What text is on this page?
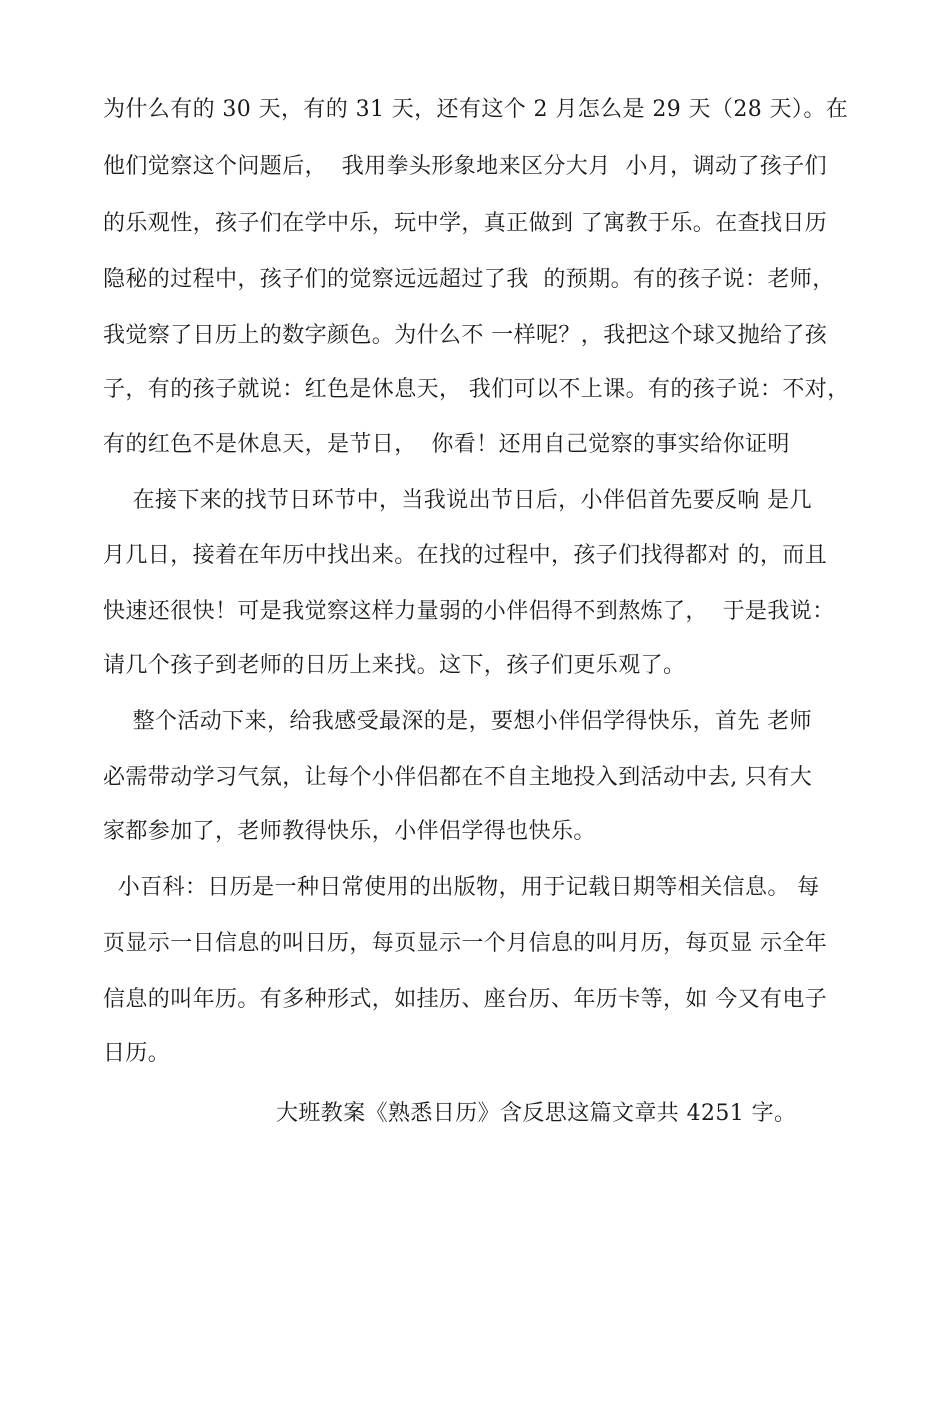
为什么有的 30 天，有的 31 天，还有这个 2 月怎么是 29 天（28 天）。在
他们觉察这个问题后，  我用拳头形象地来区分大月  小月，调动了孩子们
的乐观性，孩子们在学中乐，玩中学，真正做到 了寓教于乐。在查找日历
隐秘的过程中，孩子们的觉察远远超过了我  的预期。有的孩子说：老师，
我觉察了日历上的数字颜色。为什么不 一样呢？，我把这个球又抛给了孩
子，有的孩子就说：红色是休息天， 我们可以不上课。有的孩子说：不对，
有的红色不是休息天，是节日，  你看！还用自己觉察的事实给你证明
在接下来的找节日环节中，当我说出节日后，小伴侣首先要反响 是几
月几日，接着在年历中找出来。在找的过程中，孩子们找得都对 的，而且
快速还很快！可是我觉察这样力量弱的小伴侣得不到熬炼了，  于是我说：
请几个孩子到老师的日历上来找。这下，孩子们更乐观了。
整个活动下来，给我感受最深的是，要想小伴侣学得快乐，首先 老师
必需带动学习气氛，让每个小伴侣都在不自主地投入到活动中去, 只有大
家都参加了，老师教得快乐，小伴侣学得也快乐。
小百科：日历是一种日常使用的出版物，用于记载日期等相关信息。 每
页显示一日信息的叫日历，每页显示一个月信息的叫月历，每页显 示全年
信息的叫年历。有多种形式，如挂历、座台历、年历卡等，如 今又有电子
日历。
大班教案《熟悉日历》含反思这篇文章共 4251 字。
